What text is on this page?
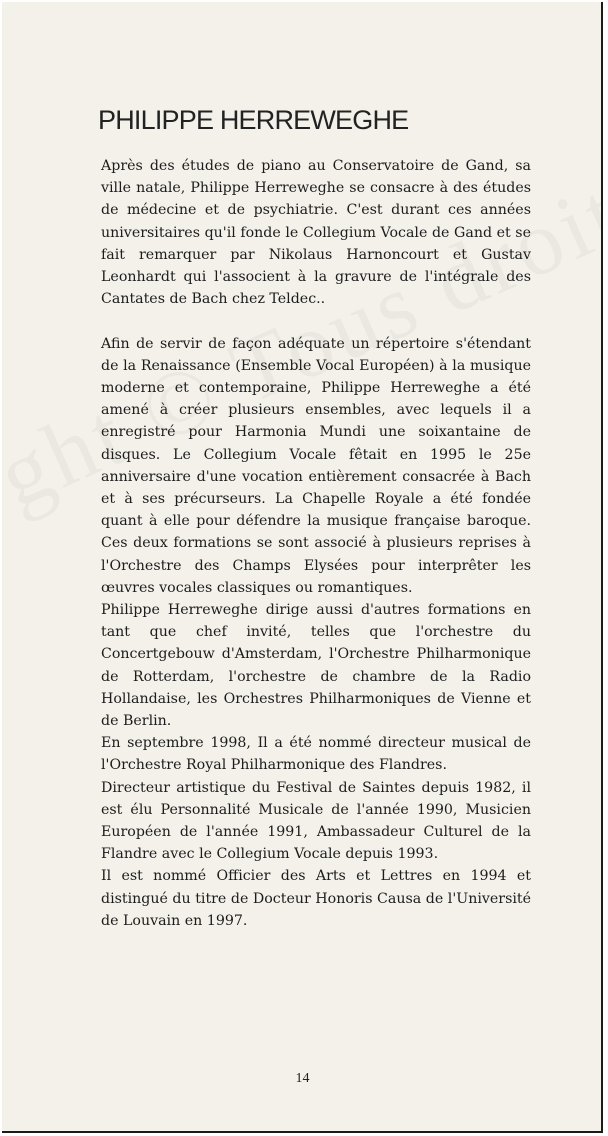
PHILIPPE HERREWEGHE

Après des études de piano au Conservatoire de Gand, sa ville natale, Philippe Herreweghe se consacre à des études de médecine et de psychiatrie. C'est durant ces années universitaires qu'il fonde le Collegium Vocale de Gand et se fait remarquer par Nikolaus Harnoncourt et Gustav Leonhardt qui l'associent à la gravure de l'intégrale des Cantates de Bach chez Teldec..

Afin de servir de façon adéquate un répertoire s'étendant de la Renaissance (Ensemble Vocal Européen) à la musique moderne et contemporaine, Philippe Herreweghe a été amené à créer plusieurs ensembles, avec lequels il a enregistré pour Harmonia Mundi une soixantaine de disques. Le Collegium Vocale fêtait en 1995 le 25e anniversaire d'une vocation entièrement consacrée à Bach et à ses précurseurs. La Chapelle Royale a été fondée quant à elle pour défendre la musique française baroque. Ces deux formations se sont associé à plusieurs reprises à l'Orchestre des Champs Elysées pour interprêter les œuvres vocales classiques ou romantiques.

Philippe Herreweghe dirige aussi d'autres formations en tant que chef invité, telles que l'orchestre du Concertgebouw d'Amsterdam, l'Orchestre Philharmonique de Rotterdam, l'orchestre de chambre de la Radio Hollandaise, les Orchestres Philharmoniques de Vienne et de Berlin.

En septembre 1998, Il a été nommé directeur musical de l'Orchestre Royal Philharmonique des Flandres.

Directeur artistique du Festival de Saintes depuis 1982, il est élu Personnalité Musicale de l'année 1990, Musicien Européen de l'année 1991, Ambassadeur Culturel de la Flandre avec le Collegium Vocale depuis 1993.

Il est nommé Officier des Arts et Lettres en 1994 et distingué du titre de Docteur Honoris Causa de l'Université de Louvain en 1997.

14
